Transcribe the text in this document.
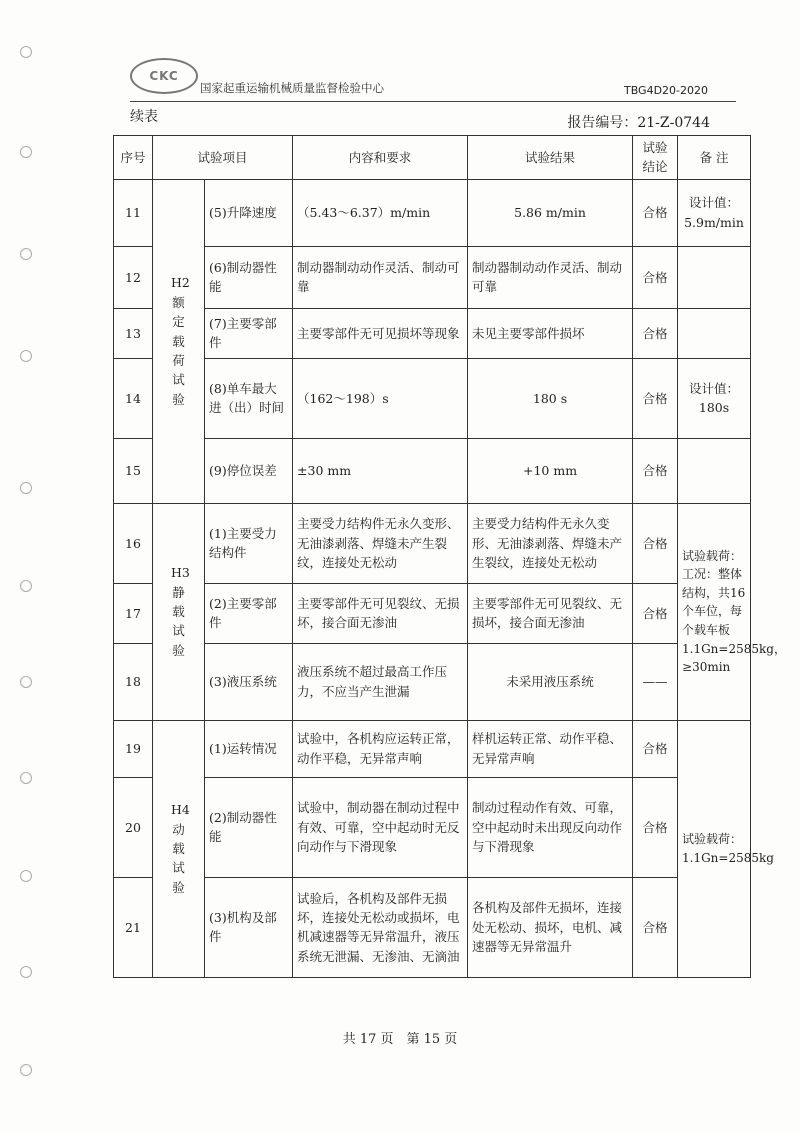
CKC
国家起重运输机械质量监督检验中心	TBG4D20-2020
续表	报告编号：21-Z-0744
序号	试验项目		内容和要求	试验结果	试验结论	备 注
11	H2额定载荷试验	(5)升降速度	（5.43～6.37）m/min	5.86 m/min	合格	设计值：5.9m/min
12		(6)制动器性能	制动器制动动作灵活、制动可靠	制动器制动动作灵活、制动可靠	合格	
13		(7)主要零部件	主要零部件无可见损坏等现象	未见主要零部件损坏	合格	
14		(8)单车最大进（出）时间	（162～198）s	180 s	合格	设计值：180s
15		(9)停位误差	±30 mm	+10 mm	合格	
16	H3静载试验	(1)主要受力结构件	主要受力结构件无永久变形、无油漆剥落、焊缝未产生裂纹，连接处无松动	主要受力结构件无永久变形、无油漆剥落、焊缝未产生裂纹，连接处无松动	合格	试验载荷：工况：整体结构，共16个车位，每个载车板1.1Gn=2585kg，≥30min
17		(2)主要零部件	主要零部件无可见裂纹、无损坏，接合面无渗油	主要零部件无可见裂纹、无损坏，接合面无渗油	合格	
18		(3)液压系统	液压系统不超过最高工作压力，不应当产生泄漏	未采用液压系统	——	
19	H4动载试验	(1)运转情况	试验中，各机构应运转正常，动作平稳，无异常声响	样机运转正常、动作平稳、无异常声响	合格	试验载荷：1.1Gn=2585kg
20		(2)制动器性能	试验中，制动器在制动过程中有效、可靠，空中起动时无反向动作与下滑现象	制动过程动作有效、可靠，空中起动时未出现反向动作与下滑现象	合格	
21		(3)机构及部件	试验后，各机构及部件无损坏，连接处无松动或损坏，电机减速器等无异常温升，液压系统无泄漏、无渗油、无滴油	各机构及部件无损坏，连接处无松动、损坏，电机、减速器等无异常温升	合格	
共 17 页　第 15 页
